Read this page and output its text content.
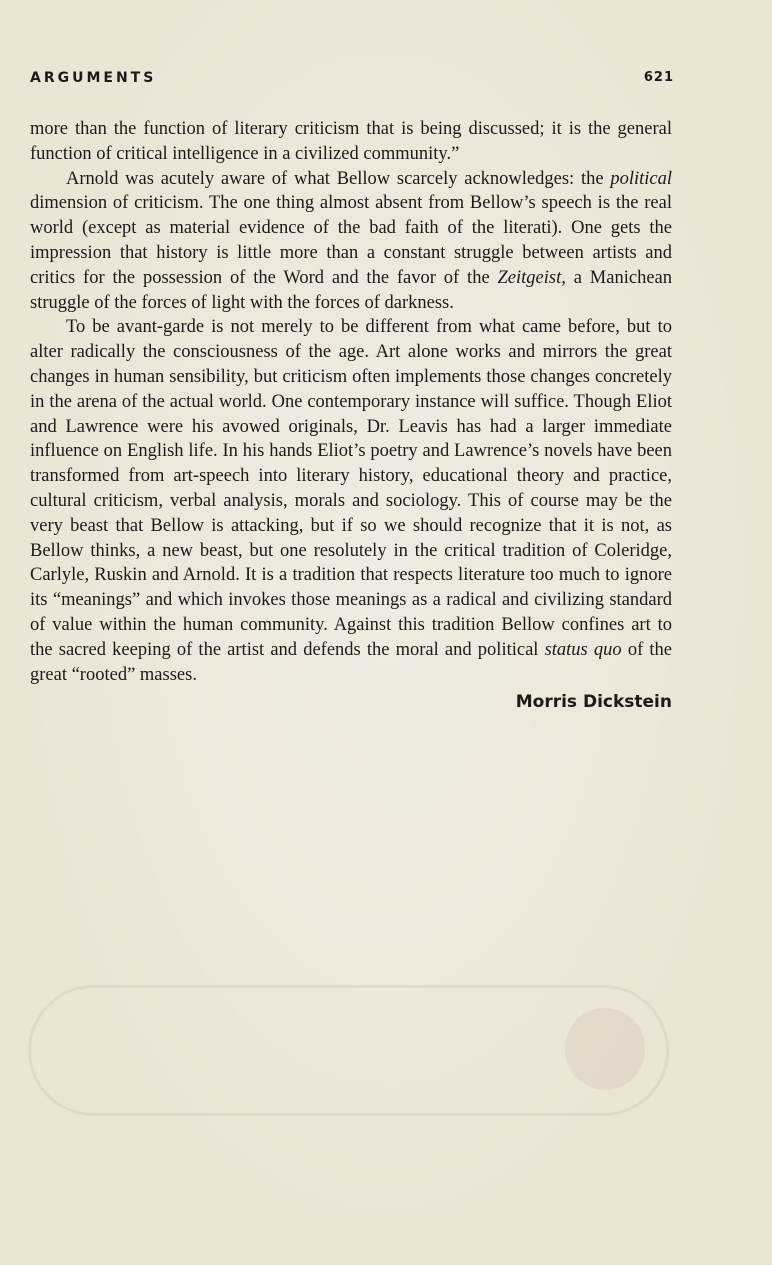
ARGUMENTS	621

more than the function of literary criticism that is being discussed; it is the general function of critical intelligence in a civilized community.”

Arnold was acutely aware of what Bellow scarcely acknowledges: the political dimension of criticism. The one thing almost absent from Bellow’s speech is the real world (except as material evidence of the bad faith of the literati). One gets the impression that history is little more than a constant struggle between artists and critics for the possession of the Word and the favor of the Zeitgeist, a Manichean struggle of the forces of light with the forces of darkness.

To be avant-garde is not merely to be different from what came before, but to alter radically the consciousness of the age. Art alone works and mirrors the great changes in human sensibility, but criticism often implements those changes concretely in the arena of the actual world. One contemporary instance will suffice. Though Eliot and Lawrence were his avowed originals, Dr. Leavis has had a larger immediate influence on English life. In his hands Eliot’s poetry and Lawrence’s novels have been transformed from art-speech into literary history, educational theory and practice, cultural criticism, verbal analysis, morals and sociology. This of course may be the very beast that Bellow is attacking, but if so we should recognize that it is not, as Bellow thinks, a new beast, but one resolutely in the critical tradition of Coleridge, Carlyle, Ruskin and Arnold. It is a tradition that respects literature too much to ignore its “meanings” and which invokes those meanings as a radical and civilizing standard of value within the human community. Against this tradition Bellow confines art to the sacred keeping of the artist and defends the moral and political status quo of the great “rooted” masses.

Morris Dickstein
